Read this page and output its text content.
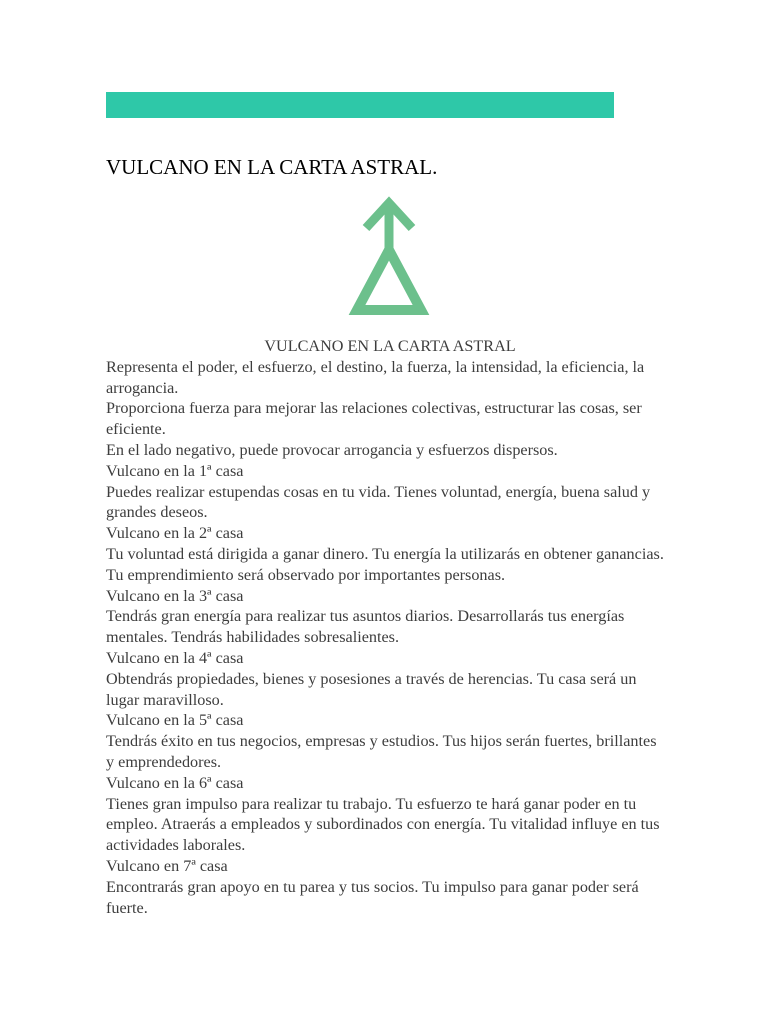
VULCANO EN LA CARTA ASTRAL.

VULCANO EN LA CARTA ASTRAL

Representa el poder, el esfuerzo, el destino, la fuerza, la intensidad, la eficiencia, la arrogancia.

Proporciona fuerza para mejorar las relaciones colectivas, estructurar las cosas, ser eficiente.

En el lado negativo, puede provocar arrogancia y esfuerzos dispersos.

Vulcano en la 1ª casa

Puedes realizar estupendas cosas en tu vida. Tienes voluntad, energía, buena salud y grandes deseos.

Vulcano en la 2ª casa

Tu voluntad está dirigida a ganar dinero. Tu energía la utilizarás en obtener ganancias. Tu emprendimiento será observado por importantes personas.

Vulcano en la 3ª casa

Tendrás gran energía para realizar tus asuntos diarios. Desarrollarás tus energías mentales. Tendrás habilidades sobresalientes.

Vulcano en la 4ª casa

Obtendrás propiedades, bienes y posesiones a través de herencias. Tu casa será un lugar maravilloso.

Vulcano en la 5ª casa

Tendrás éxito en tus negocios, empresas y estudios. Tus hijos serán fuertes, brillantes y emprendedores.

Vulcano en la 6ª casa

Tienes gran impulso para realizar tu trabajo. Tu esfuerzo te hará ganar poder en tu empleo. Atraerás a empleados y subordinados con energía. Tu vitalidad influye en tus actividades laborales.

Vulcano en 7ª casa

Encontrarás gran apoyo en tu parea y tus socios. Tu impulso para ganar poder será fuerte.
